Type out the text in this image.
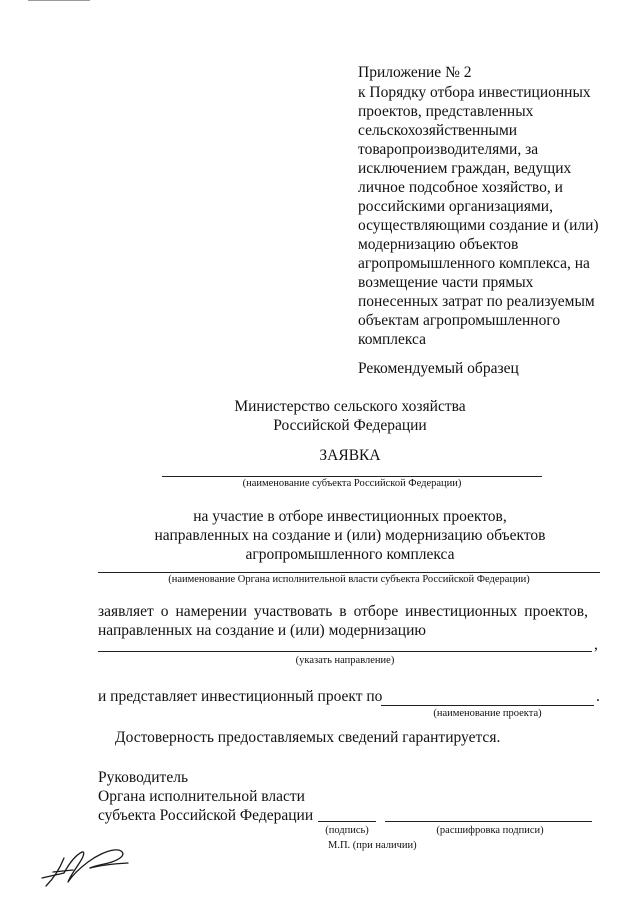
Приложение № 2
к Порядку отбора инвестиционных
проектов, представленных
сельскохозяйственными
товаропроизводителями, за
исключением граждан, ведущих
личное подсобное хозяйство, и
российскими организациями,
осуществляющими создание и (или)
модернизацию объектов
агропромышленного комплекса, на
возмещение части прямых
понесенных затрат по реализуемым
объектам агропромышленного
комплекса
Рекомендуемый образец
Министерство сельского хозяйства
Российской Федерации
ЗАЯВКА
(наименование субъекта Российской Федерации)
на участие в отборе инвестиционных проектов,
направленных на создание и (или) модернизацию объектов
агропромышленного комплекса
(наименование Органа исполнительной власти субъекта Российской Федерации)
заявляет о намерении участвовать в отборе инвестиционных проектов,
направленных на создание и (или) модернизацию
,
(указать направление)
и представляет инвестиционный проект по	.
(наименование проекта)
Достоверность предоставляемых сведений гарантируется.
Руководитель
Органа исполнительной власти
субъекта Российской Федерации
(подпись)	(расшифровка подписи)
М.П. (при наличии)
